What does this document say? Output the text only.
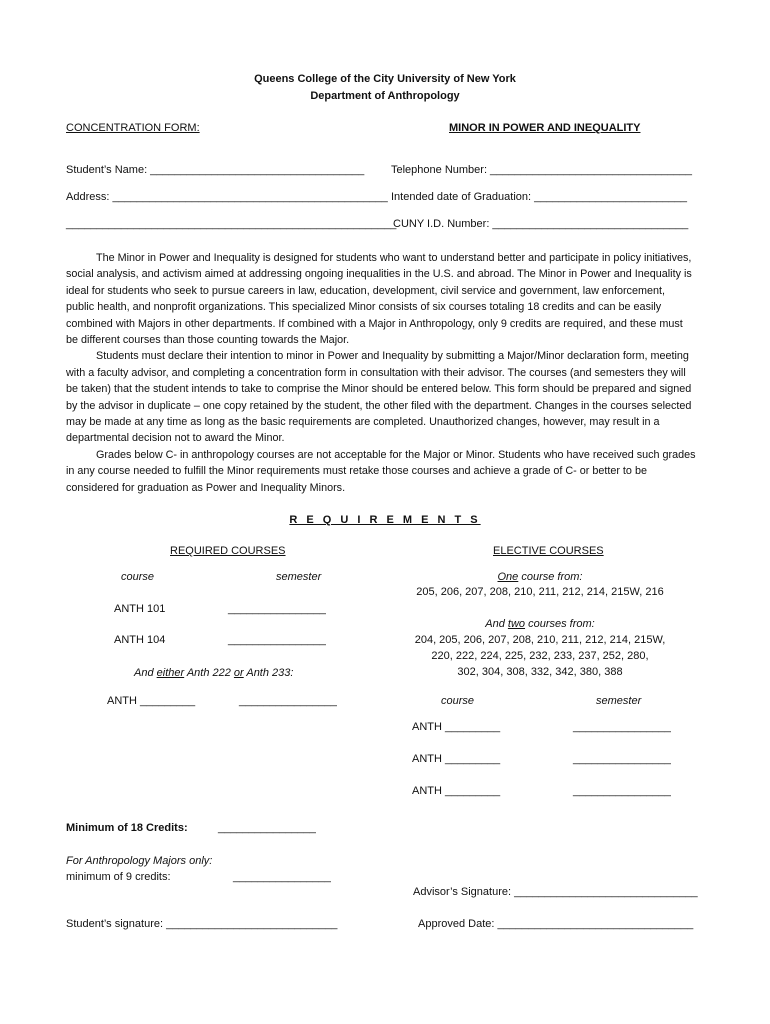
Queens College of the City University of New York
Department of Anthropology
CONCENTRATION FORM:	MINOR IN POWER AND INEQUALITY
Student’s Name: ___________________________________ Telephone Number: _________________________________
Address: _____________________________________________ Intended date of Graduation: _________________________
______________________________________________________
CUNY I.D. Number: ________________________________

The Minor in Power and Inequality is designed for students who want to understand better and participate in policy initiatives, social analysis, and activism aimed at addressing ongoing inequalities in the U.S. and abroad. The Minor in Power and Inequality is ideal for students who seek to pursue careers in law, education, development, civil service and government, law enforcement, public health, and nonprofit organizations. This specialized Minor consists of six courses totaling 18 credits and can be easily combined with Majors in other departments. If combined with a Major in Anthropology, only 9 credits are required, and these must be different courses than those counting towards the Major.

Students must declare their intention to minor in Power and Inequality by submitting a Major/Minor declaration form, meeting with a faculty advisor, and completing a concentration form in consultation with their advisor. The courses (and semesters they will be taken) that the student intends to take to comprise the Minor should be entered below. This form should be prepared and signed by the advisor in duplicate – one copy retained by the student, the other filed with the department. Changes in the courses selected may be made at any time as long as the basic requirements are completed. Unauthorized changes, however, may result in a departmental decision not to award the Minor.

Grades below C- in anthropology courses are not acceptable for the Major or Minor. Students who have received such grades in any course needed to fulfill the Minor requirements must retake those courses and achieve a grade of C- or better to be considered for graduation as Power and Inequality Minors.

R E Q U I R E M E N T S
REQUIRED COURSES
course	semester
ANTH 101	________________
ANTH 104	________________
And either Anth 222 or Anth 233:
ANTH _________	________________
ELECTIVE COURSES
One course from:
205, 206, 207, 208, 210, 211, 212, 214, 215W, 216
And two courses from:
204, 205, 206, 207, 208, 210, 211, 212, 214, 215W,
220, 222, 224, 225, 232, 233, 237, 252, 280,
302, 304, 308, 332, 342, 380, 388
course	semester
ANTH _________	________________
ANTH _________	________________
ANTH _________	________________
Minimum of 18 Credits:	________________
For Anthropology Majors only:
minimum of 9 credits:	________________
Advisor’s Signature: ______________________________
Student’s signature: ____________________________	Approved Date: ________________________________
